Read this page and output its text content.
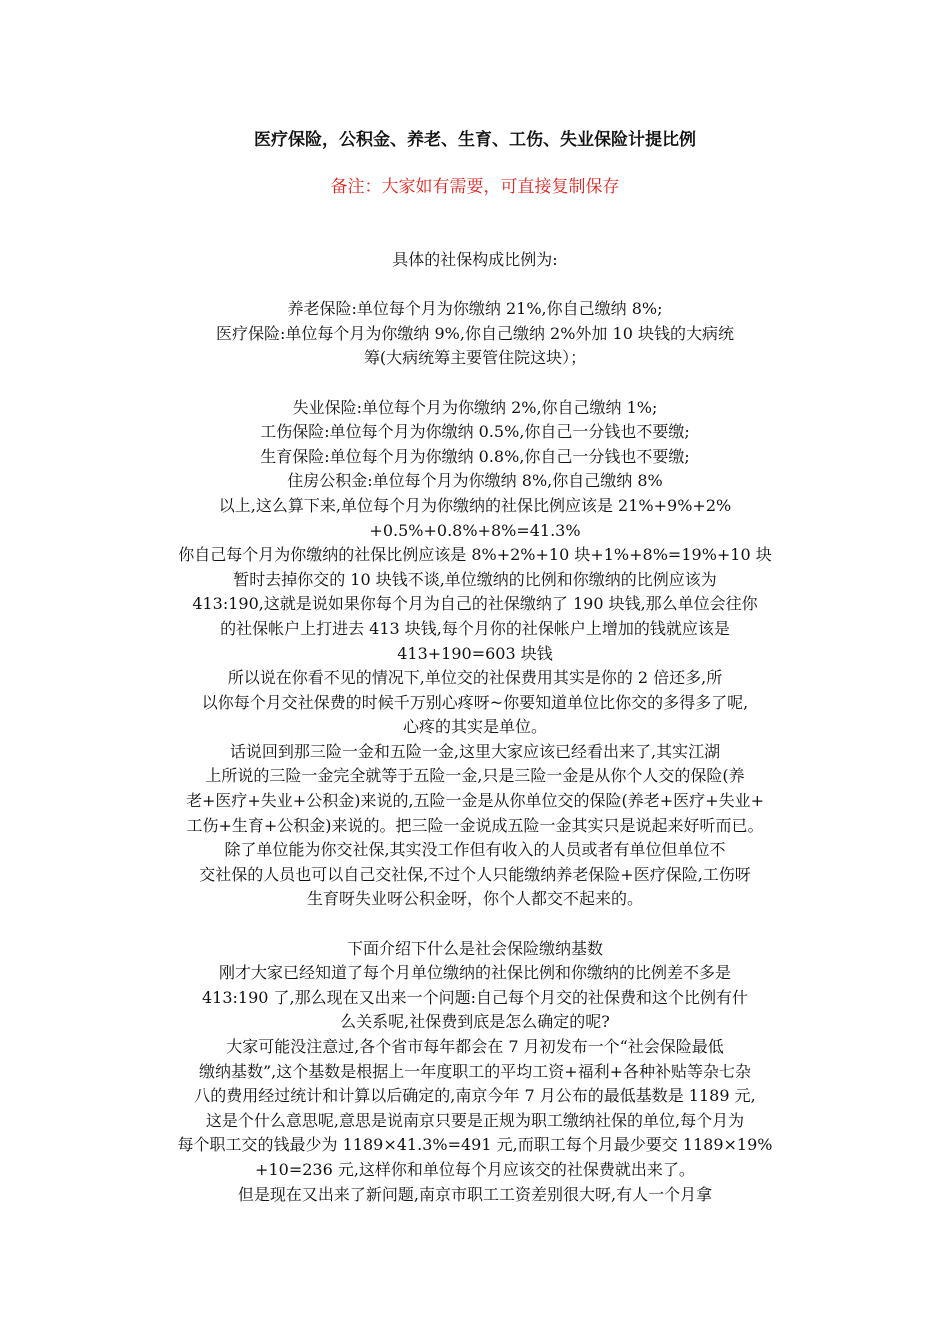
医疗保险，公积金、养老、生育、工伤、失业保险计提比例
备注：大家如有需要，可直接复制保存
具体的社保构成比例为:
养老保险:单位每个月为你缴纳 21%,你自己缴纳 8%;
医疗保险:单位每个月为你缴纳 9%,你自己缴纳 2%外加 10 块钱的大病统
筹(大病统筹主要管住院这块）；
失业保险:单位每个月为你缴纳 2%,你自己缴纳 1%;
工伤保险:单位每个月为你缴纳 0.5%,你自己一分钱也不要缴;
生育保险:单位每个月为你缴纳 0.8%,你自己一分钱也不要缴;
住房公积金:单位每个月为你缴纳 8%,你自己缴纳 8%
以上,这么算下来,单位每个月为你缴纳的社保比例应该是 21%+9%+2%
+0.5%+0.8%+8%=41.3%
你自己每个月为你缴纳的社保比例应该是 8%+2%+10 块+1%+8%=19%+10 块
暂时去掉你交的 10 块钱不谈,单位缴纳的比例和你缴纳的比例应该为
413:190,这就是说如果你每个月为自己的社保缴纳了 190 块钱,那么单位会往你
的社保帐户上打进去 413 块钱,每个月你的社保帐户上增加的钱就应该是
413+190=603 块钱
所以说在你看不见的情况下,单位交的社保费用其实是你的 2 倍还多,所
以你每个月交社保费的时候千万别心疼呀~你要知道单位比你交的多得多了呢,
心疼的其实是单位。
话说回到那三险一金和五险一金,这里大家应该已经看出来了,其实江湖
上所说的三险一金完全就等于五险一金,只是三险一金是从你个人交的保险(养
老+医疗+失业+公积金)来说的,五险一金是从你单位交的保险(养老+医疗+失业+
工伤+生育+公积金)来说的。把三险一金说成五险一金其实只是说起来好听而已。
除了单位能为你交社保,其实没工作但有收入的人员或者有单位但单位不
交社保的人员也可以自己交社保,不过个人只能缴纳养老保险+医疗保险,工伤呀
生育呀失业呀公积金呀，你个人都交不起来的。
下面介绍下什么是社会保险缴纳基数
刚才大家已经知道了每个月单位缴纳的社保比例和你缴纳的比例差不多是
413:190 了,那么现在又出来一个问题:自己每个月交的社保费和这个比例有什
么关系呢,社保费到底是怎么确定的呢?
大家可能没注意过,各个省市每年都会在 7 月初发布一个“社会保险最低
缴纳基数”,这个基数是根据上一年度职工的平均工资+福利+各种补贴等杂七杂
八的费用经过统计和计算以后确定的,南京今年 7 月公布的最低基数是 1189 元,
这是个什么意思呢,意思是说南京只要是正规为职工缴纳社保的单位,每个月为
每个职工交的钱最少为 1189×41.3%=491 元,而职工每个月最少要交 1189×19%
+10=236 元,这样你和单位每个月应该交的社保费就出来了。
但是现在又出来了新问题,南京市职工工资差别很大呀,有人一个月拿
